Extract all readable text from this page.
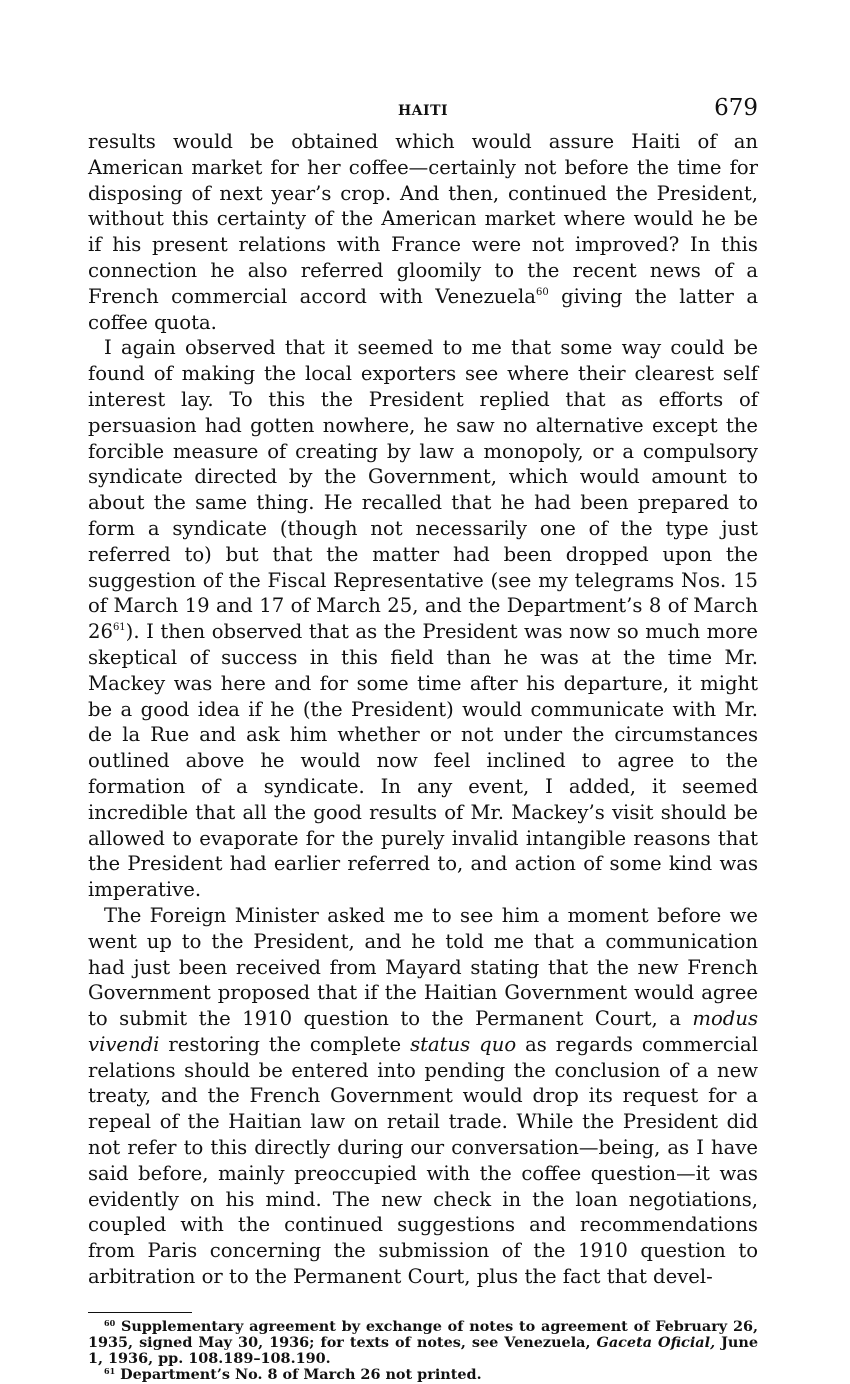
HAITI	679

results would be obtained which would assure Haiti of an American market for her coffee—certainly not before the time for disposing of next year’s crop. And then, continued the President, without this certainty of the American market where would he be if his present relations with France were not improved? In this connection he also referred gloomily to the recent news of a French commercial accord with Venezuela$^{60}$ giving the latter a coffee quota.

I again observed that it seemed to me that some way could be found of making the local exporters see where their clearest self interest lay. To this the President replied that as efforts of persuasion had gotten nowhere, he saw no alternative except the forcible measure of creating by law a monopoly, or a compulsory syndicate directed by the Government, which would amount to about the same thing. He recalled that he had been prepared to form a syndicate (though not necessarily one of the type just referred to) but that the matter had been dropped upon the suggestion of the Fiscal Representative (see my telegrams Nos. 15 of March 19 and 17 of March 25, and the Department’s 8 of March 26$^{61}$). I then observed that as the President was now so much more skeptical of success in this field than he was at the time Mr. Mackey was here and for some time after his departure, it might be a good idea if he (the President) would communicate with Mr. de la Rue and ask him whether or not under the circumstances outlined above he would now feel inclined to agree to the formation of a syndicate. In any event, I added, it seemed incredible that all the good results of Mr. Mackey’s visit should be allowed to evaporate for the purely invalid intangible reasons that the President had earlier referred to, and action of some kind was imperative.

The Foreign Minister asked me to see him a moment before we went up to the President, and he told me that a communication had just been received from Mayard stating that the new French Government proposed that if the Haitian Government would agree to submit the 1910 question to the Permanent Court, a modus vivendi restoring the complete status quo as regards commercial relations should be entered into pending the conclusion of a new treaty, and the French Government would drop its request for a repeal of the Haitian law on retail trade. While the President did not refer to this directly during our conversation—being, as I have said before, mainly preoccupied with the coffee question—it was evidently on his mind. The new check in the loan negotiations, coupled with the continued suggestions and recommendations from Paris concerning the submission of the 1910 question to arbitration or to the Permanent Court, plus the fact that devel-

$^{60}$ Supplementary agreement by exchange of notes to agreement of February 26, 1935, signed May 30, 1936; for texts of notes, see Venezuela, Gaceta Oficial, June 1, 1936, pp. 108.189–108.190.

$^{61}$ Department’s No. 8 of March 26 not printed.
